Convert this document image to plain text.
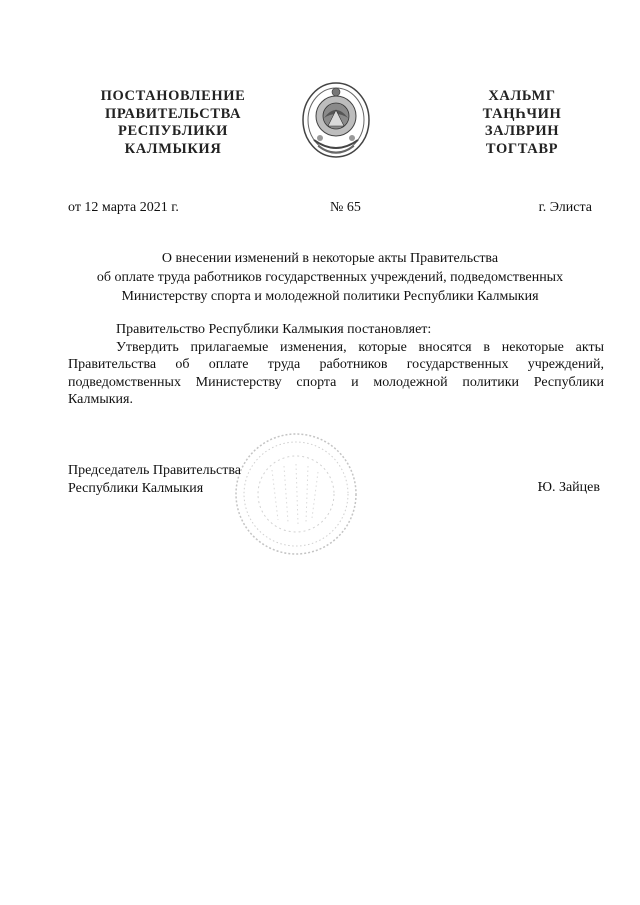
ПОСТАНОВЛЕНИЕ
ПРАВИТЕЛЬСТВА
РЕСПУБЛИКИ
КАЛМЫКИЯ
ХАЛЬМГ
ТАҢҺЧИН
ЗАЛВРИН
ТОГТАВР
от 12 марта 2021 г.	№ 65	г. Элиста
О внесении изменений в некоторые акты Правительства
об оплате труда работников государственных учреждений, подведомственных
Министерству спорта и молодежной политики Республики Калмыкия

Правительство Республики Калмыкия постановляет:

Утвердить прилагаемые изменения, которые вносятся в некоторые акты Правительства об оплате труда работников государственных учреждений, подведомственных Министерству спорта и молодежной политики Республики Калмыкия.

Председатель Правительства
Республики Калмыкия	Ю. Зайцев
